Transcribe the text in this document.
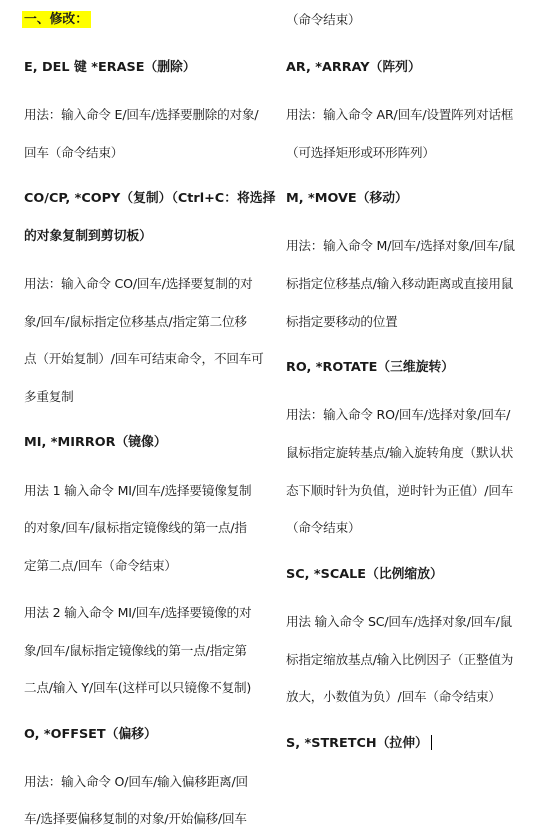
一、修改：
E, DEL 键 *ERASE（删除）
用法：输入命令 E/回车/选择要删除的对象/
回车（命令结束）
CO/CP, *COPY（复制）（Ctrl+C：将选择
的对象复制到剪切板）
用法：输入命令 CO/回车/选择要复制的对
象/回车/鼠标指定位移基点/指定第二位移
点（开始复制）/回车可结束命令，不回车可
多重复制
MI, *MIRROR（镜像）
用法 1 输入命令 MI/回车/选择要镜像复制
的对象/回车/鼠标指定镜像线的第一点/指
定第二点/回车（命令结束）
用法 2 输入命令 MI/回车/选择要镜像的对
象/回车/鼠标指定镜像线的第一点/指定第
二点/输入 Y/回车(这样可以只镜像不复制)
O, *OFFSET（偏移）
用法：输入命令 O/回车/输入偏移距离/回
车/选择要偏移复制的对象/开始偏移/回车
（命令结束）
AR, *ARRAY（阵列）
用法：输入命令 AR/回车/设置阵列对话框
（可选择矩形或环形阵列）
M, *MOVE（移动）
用法：输入命令 M/回车/选择对象/回车/鼠
标指定位移基点/输入移动距离或直接用鼠
标指定要移动的位置
RO, *ROTATE（三维旋转）
用法：输入命令 RO/回车/选择对象/回车/
鼠标指定旋转基点/输入旋转角度（默认状
态下顺时针为负值，逆时针为正值）/回车
（命令结束）
SC, *SCALE（比例缩放）
用法 输入命令 SC/回车/选择对象/回车/鼠
标指定缩放基点/输入比例因子（正整值为
放大，小数值为负）/回车（命令结束）
S, *STRETCH（拉伸）
